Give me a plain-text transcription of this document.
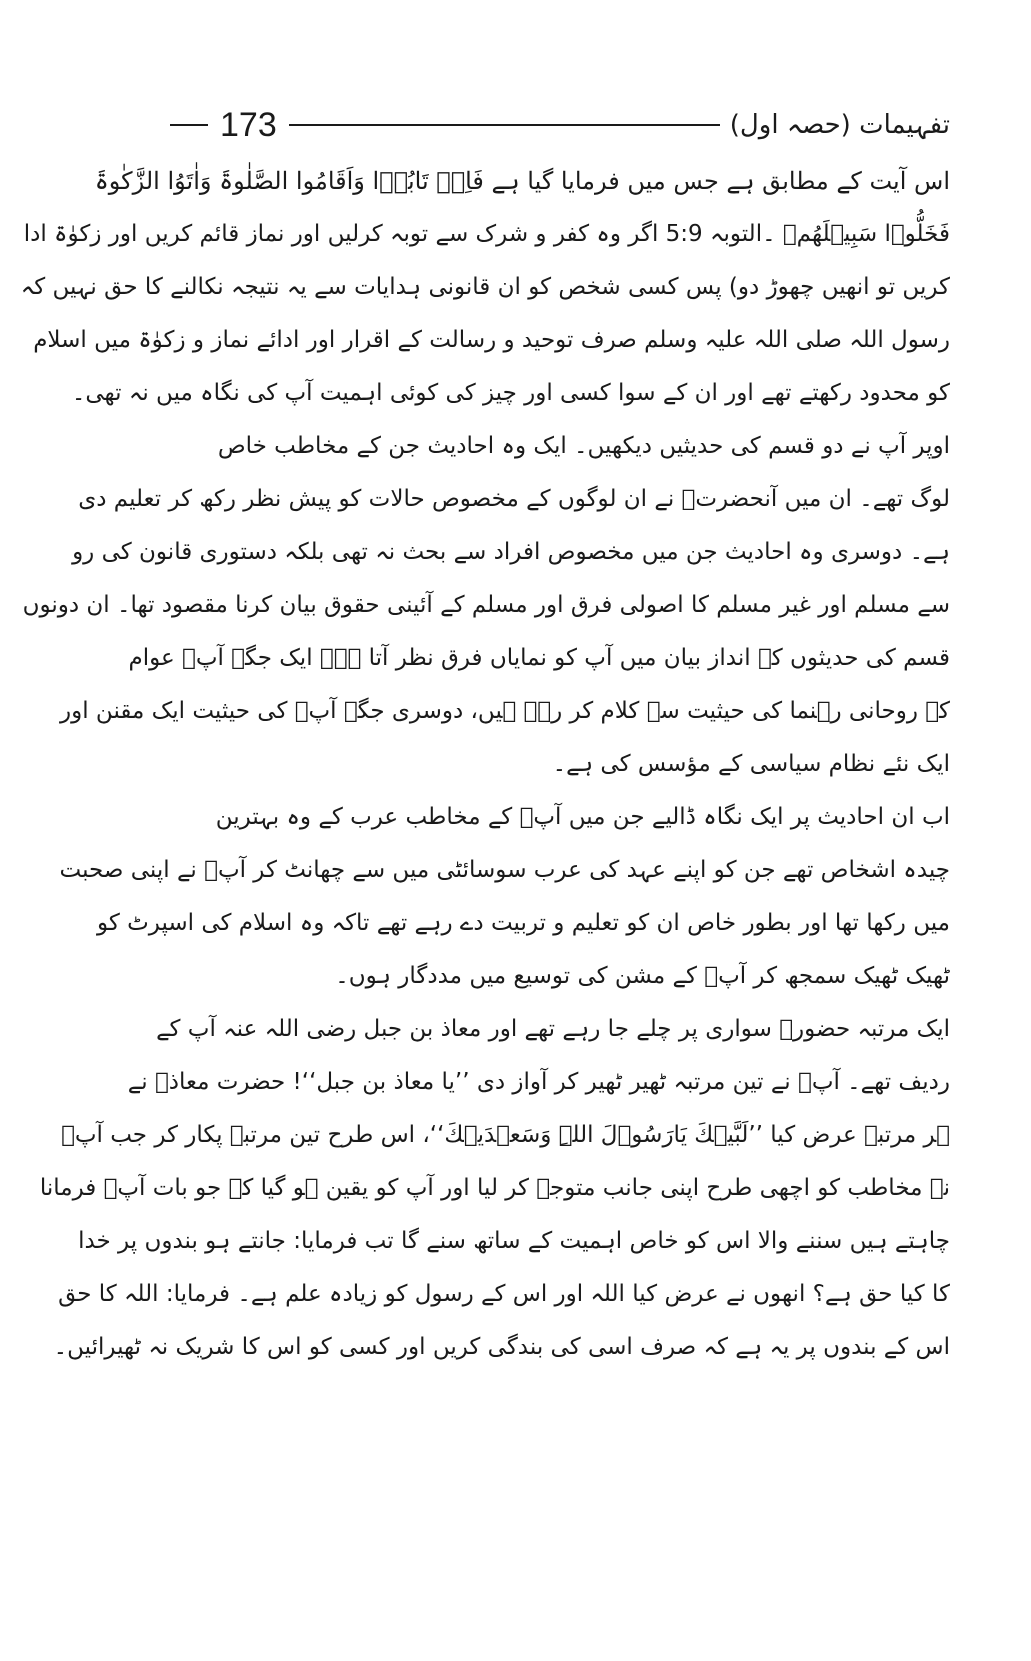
173	تفہیمات (حصہ اول)
اس آیت کے مطابق ہے جس میں فرمایا گیا ہے فَاِنۡ تَابُوۡا وَاَقَامُوا الصَّلٰوۃَ وَاٰتَوُا الزَّکٰوۃَ
فَخَلُّوۡا سَبِیۡلَھُمۡ ۔التوبہ 5:9 اگر وہ کفر و شرک سے توبہ کرلیں اور نماز قائم کریں اور زکوٰۃ ادا
کریں تو انھیں چھوڑ دو) پس کسی شخص کو ان قانونی ہدایات سے یہ نتیجہ نکالنے کا حق نہیں کہ
رسول اللہ صلی اللہ علیہ وسلم صرف توحید و رسالت کے اقرار اور ادائے نماز و زکوٰۃ میں اسلام
کو محدود رکھتے تھے اور ان کے سوا کسی اور چیز کی کوئی اہمیت آپ کی نگاہ میں نہ تھی۔
اوپر آپ نے دو قسم کی حدیثیں دیکھیں۔ ایک وہ احادیث جن کے مخاطب خاص
لوگ تھے۔ ان میں آنحضرتؐ نے ان لوگوں کے مخصوص حالات کو پیش نظر رکھ کر تعلیم دی
ہے۔ دوسری وہ احادیث جن میں مخصوص افراد سے بحث نہ تھی بلکہ دستوری قانون کی رو
سے مسلم اور غیر مسلم کا اصولی فرق اور مسلم کے آئینی حقوق بیان کرنا مقصود تھا۔ ان دونوں
قسم کی حدیثوں کے انداز بیان میں آپ کو نمایاں فرق نظر آتا ہے۔ ایک جگہ آپؐ عوام
کے روحانی رہنما کی حیثیت سے کلام کر رہے ہیں، دوسری جگہ آپؐ کی حیثیت ایک مقنن اور
ایک نئے نظام سیاسی کے مؤسس کی ہے۔
اب ان احادیث پر ایک نگاہ ڈالیے جن میں آپؐ کے مخاطب عرب کے وہ بہترین
چیدہ اشخاص تھے جن کو اپنے عہد کی عرب سوسائٹی میں سے چھانٹ کر آپؐ نے اپنی صحبت
میں رکھا تھا اور بطور خاص ان کو تعلیم و تربیت دے رہے تھے تاکہ وہ اسلام کی اسپرٹ کو
ٹھیک ٹھیک سمجھ کر آپؐ کے مشن کی توسیع میں مددگار ہوں۔
ایک مرتبہ حضورؐ سواری پر چلے جا رہے تھے اور معاذ بن جبل رضی اللہ عنہ آپ کے
ردیف تھے۔ آپؐ نے تین مرتبہ ٹھیر ٹھیر کر آواز دی ’’یا معاذ بن جبل‘‘! حضرت معاذؓ نے
ہر مرتبہ عرض کیا ’’لَبَّیۡكَ یَارَسُوۡلَ اللہِ وَسَعۡدَیۡكَ‘‘، اس طرح تین مرتبہ پکار کر جب آپؐ
نے مخاطب کو اچھی طرح اپنی جانب متوجہ کر لیا اور آپ کو یقین ہو گیا کہ جو بات آپؐ فرمانا
چاہتے ہیں سننے والا اس کو خاص اہمیت کے ساتھ سنے گا تب فرمایا: جانتے ہو بندوں پر خدا
کا کیا حق ہے؟ انھوں نے عرض کیا اللہ اور اس کے رسول کو زیادہ علم ہے۔ فرمایا: اللہ کا حق
اس کے بندوں پر یہ ہے کہ صرف اسی کی بندگی کریں اور کسی کو اس کا شریک نہ ٹھیرائیں۔
